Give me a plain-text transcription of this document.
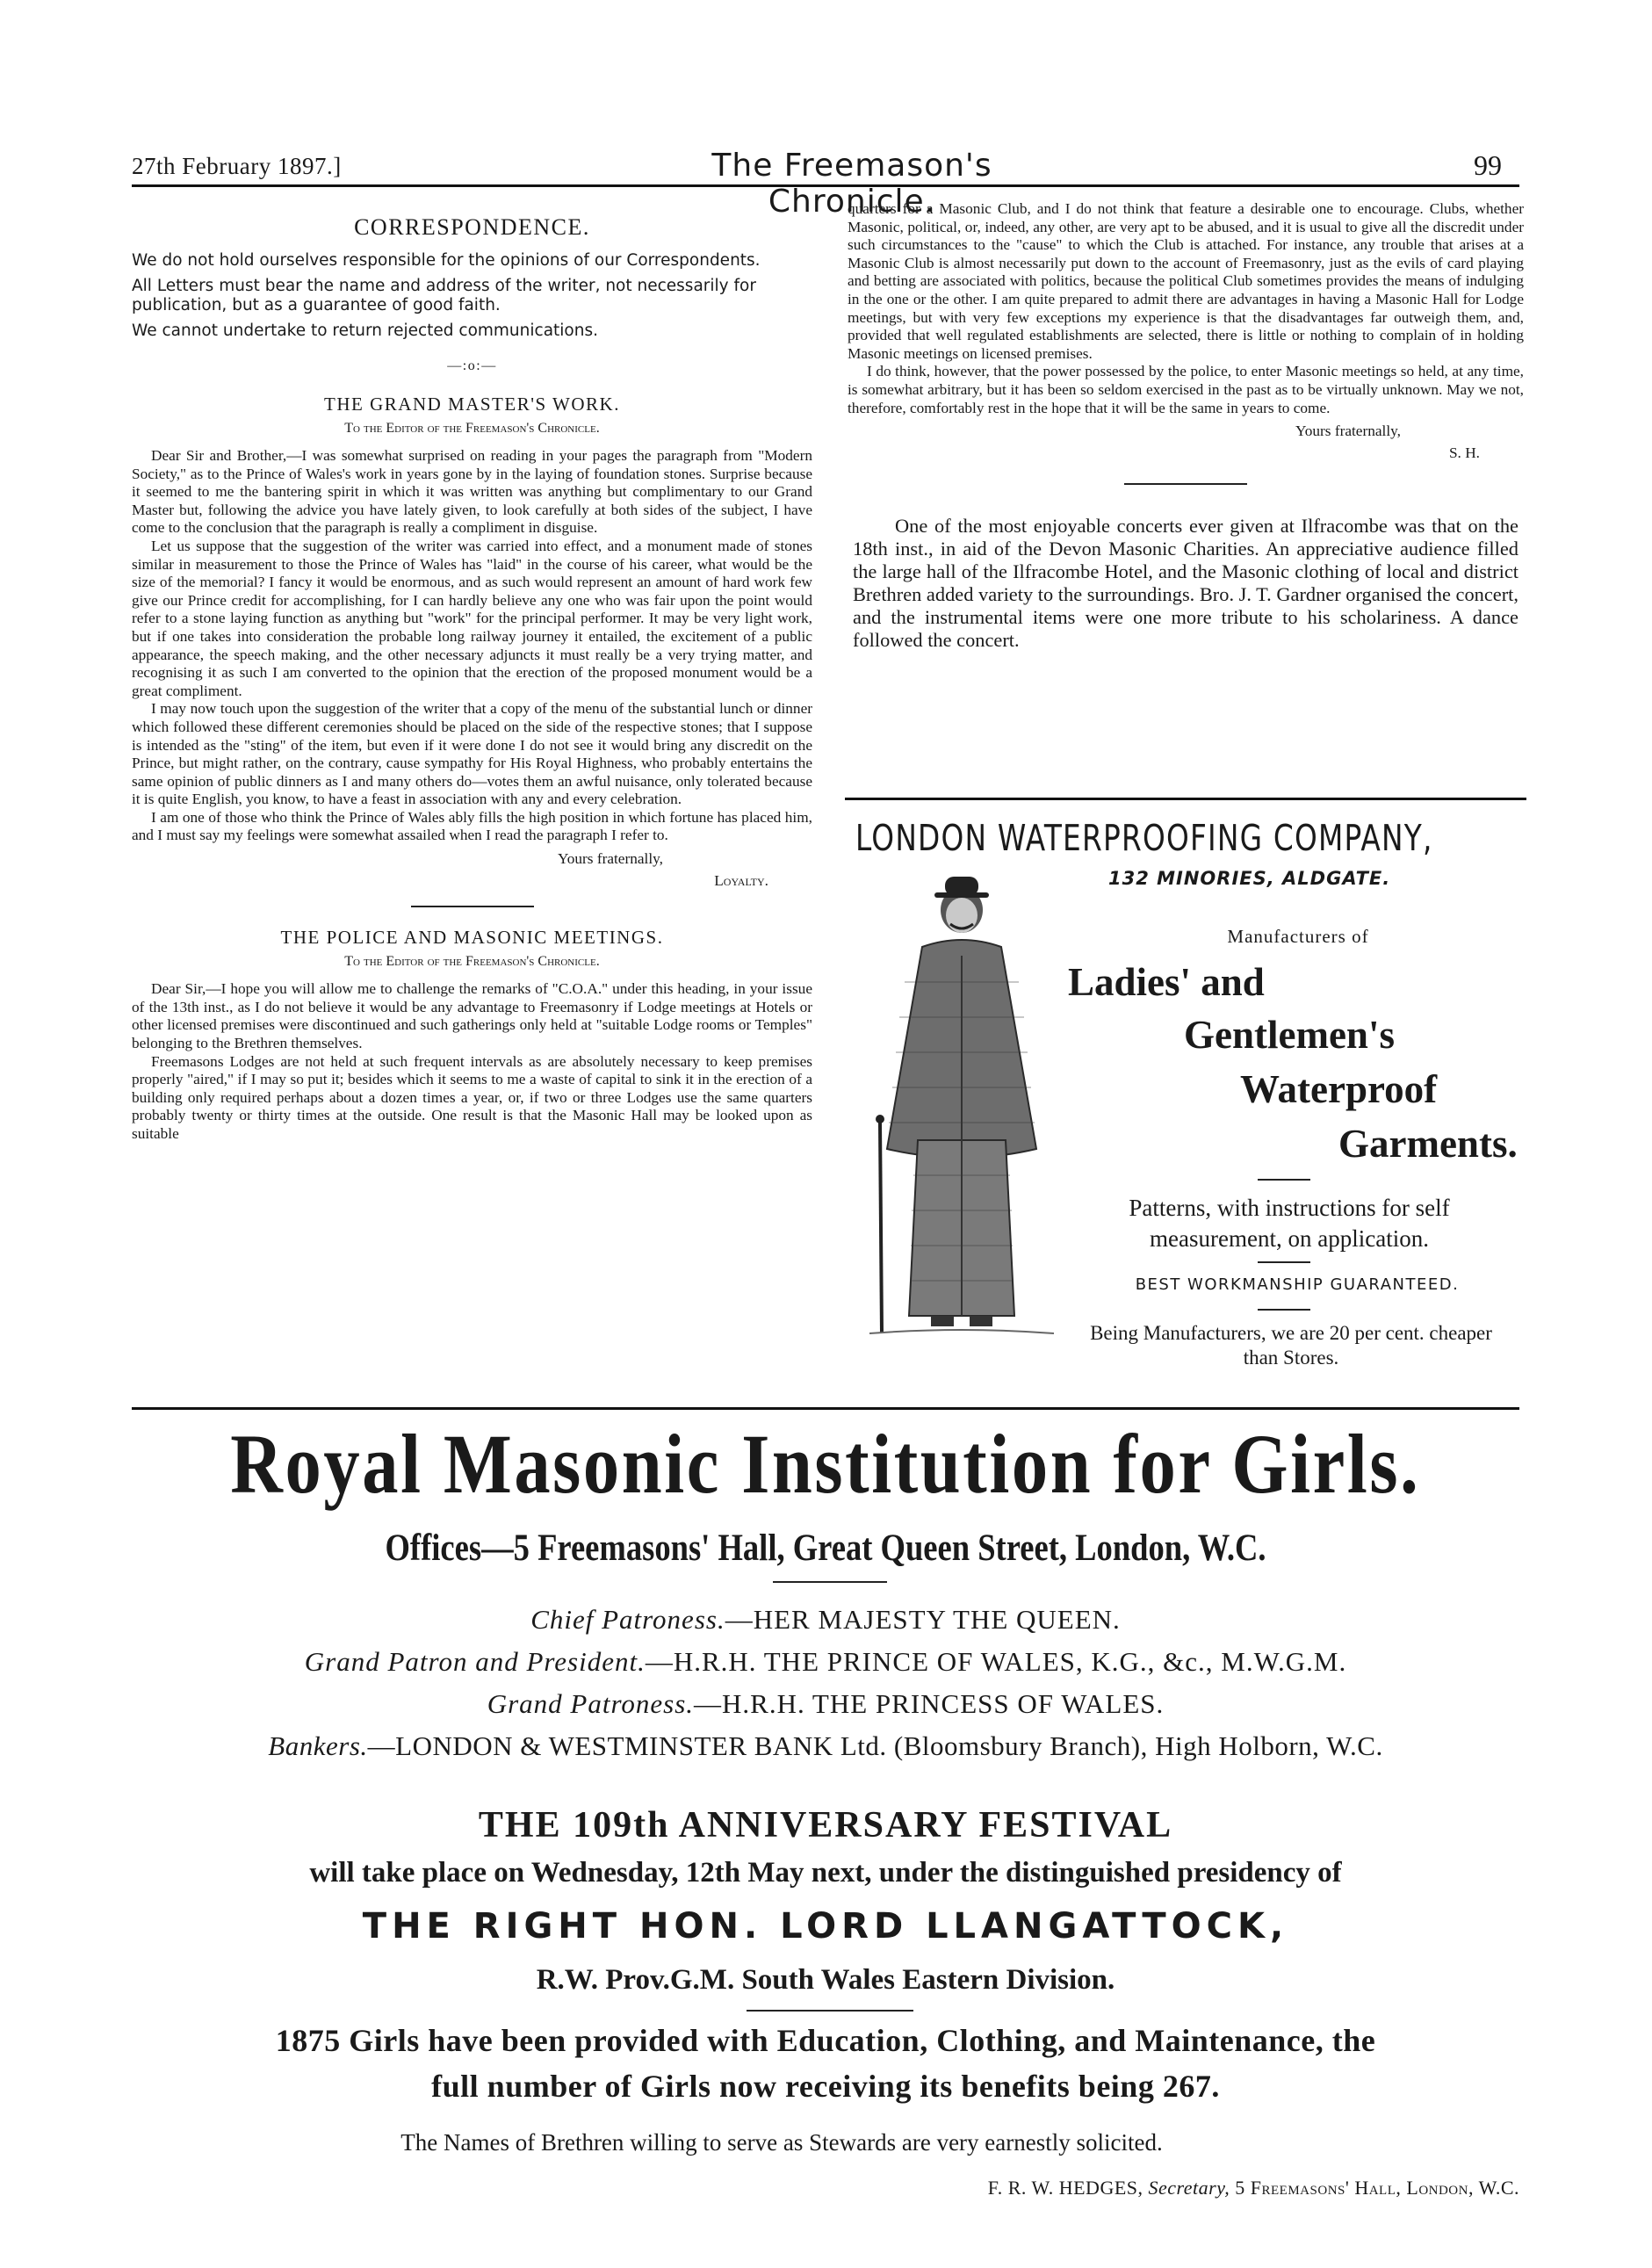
27th February 1897.]	The Freemason's Chronicle.
99
CORRESPONDENCE.
We do not hold ourselves responsible for the opinions of our Correspondents.
All Letters must bear the name and address of the writer, not necessarily for publication, but as a guarantee of good faith.
We cannot undertake to return rejected communications.
—:o:—
THE GRAND MASTER'S WORK.
To the Editor of the Freemason's Chronicle.

Dear Sir and Brother,—I was somewhat surprised on reading in your pages the paragraph from "Modern Society," as to the Prince of Wales's work in years gone by in the laying of foundation stones. Surprise because it seemed to me the bantering spirit in which it was written was anything but complimentary to our Grand Master but, following the advice you have lately given, to look carefully at both sides of the subject, I have come to the conclusion that the paragraph is really a compliment in disguise.

Let us suppose that the suggestion of the writer was carried into effect, and a monument made of stones similar in measurement to those the Prince of Wales has "laid" in the course of his career, what would be the size of the memorial? I fancy it would be enormous, and as such would represent an amount of hard work few give our Prince credit for accomplishing, for I can hardly believe any one who was fair upon the point would refer to a stone laying function as anything but "work" for the principal performer. It may be very light work, but if one takes into consideration the probable long railway journey it entailed, the excitement of a public appearance, the speech making, and the other necessary adjuncts it must really be a very trying matter, and recognising it as such I am converted to the opinion that the erection of the proposed monument would be a great compliment.

I may now touch upon the suggestion of the writer that a copy of the menu of the substantial lunch or dinner which followed these different ceremonies should be placed on the side of the respective stones; that I suppose is intended as the "sting" of the item, but even if it were done I do not see it would bring any discredit on the Prince, but might rather, on the contrary, cause sympathy for His Royal Highness, who probably entertains the same opinion of public dinners as I and many others do—votes them an awful nuisance, only tolerated because it is quite English, you know, to have a feast in association with any and every celebration.

I am one of those who think the Prince of Wales ably fills the high position in which fortune has placed him, and I must say my feelings were somewhat assailed when I read the paragraph I refer to.

Yours fraternally,
Loyalty.
THE POLICE AND MASONIC MEETINGS.
To the Editor of the Freemason's Chronicle.

Dear Sir,—I hope you will allow me to challenge the remarks of "C.O.A." under this heading, in your issue of the 13th inst., as I do not believe it would be any advantage to Freemasonry if Lodge meetings at Hotels or other licensed premises were discontinued and such gatherings only held at "suitable Lodge rooms or Temples" belonging to the Brethren themselves.

Freemasons Lodges are not held at such frequent intervals as are absolutely necessary to keep premises properly "aired," if I may so put it; besides which it seems to me a waste of capital to sink it in the erection of a building only required perhaps about a dozen times a year, or, if two or three Lodges use the same quarters probably twenty or thirty times at the outside. One result is that the Masonic Hall may be looked upon as suitable

quarters for a Masonic Club, and I do not think that feature a desirable one to encourage. Clubs, whether Masonic, political, or, indeed, any other, are very apt to be abused, and it is usual to give all the discredit under such circumstances to the "cause" to which the Club is attached. For instance, any trouble that arises at a Masonic Club is almost necessarily put down to the account of Freemasonry, just as the evils of card playing and betting are associated with politics, because the political Club sometimes provides the means of indulging in the one or the other. I am quite prepared to admit there are advantages in having a Masonic Hall for Lodge meetings, but with very few exceptions my experience is that the disadvantages far outweigh them, and, provided that well regulated establishments are selected, there is little or nothing to complain of in holding Masonic meetings on licensed premises.

I do think, however, that the power possessed by the police, to enter Masonic meetings so held, at any time, is somewhat arbitrary, but it has been so seldom exercised in the past as to be virtually unknown. May we not, therefore, comfortably rest in the hope that it will be the same in years to come.

Yours fraternally,
S. H.
One of the most enjoyable concerts ever given at Ilfracombe was that on the 18th inst., in aid of the Devon Masonic Charities. An appreciative audience filled the large hall of the Ilfracombe Hotel, and the Masonic clothing of local and district Brethren added variety to the surroundings. Bro. J. T. Gardner organised the concert, and the instrumental items were one more tribute to his scholariness. A dance followed the concert.
LONDON WATERPROOFING COMPANY,
132 MINORIES, ALDGATE.
Manufacturers of
Ladies' and
Gentlemen's
Waterproof
Garments.
Patterns, with instructions for self measurement, on application.
BEST WORKMANSHIP GUARANTEED.
Being Manufacturers, we are 20 per cent. cheaper than Stores.
Royal Masonic Institution for Girls.
Offices—5 Freemasons' Hall, Great Queen Street, London, W.C.
Chief Patroness.—HER MAJESTY THE QUEEN.
Grand Patron and President.—H.R.H. THE PRINCE OF WALES, K.G., &c., M.W.G.M.
Grand Patroness.—H.R.H. THE PRINCESS OF WALES.
Bankers.—LONDON & WESTMINSTER BANK Ltd. (Bloomsbury Branch), High Holborn, W.C.
THE 109th ANNIVERSARY FESTIVAL
will take place on Wednesday, 12th May next, under the distinguished presidency of
THE RIGHT HON. LORD LLANGATTOCK,
R.W. Prov.G.M. South Wales Eastern Division.
1875 Girls have been provided with Education, Clothing, and Maintenance, the
full number of Girls now receiving its benefits being 267.
The Names of Brethren willing to serve as Stewards are very earnestly solicited.
F. R. W. HEDGES, Secretary, 5 Freemasons' Hall, London, W.C.
